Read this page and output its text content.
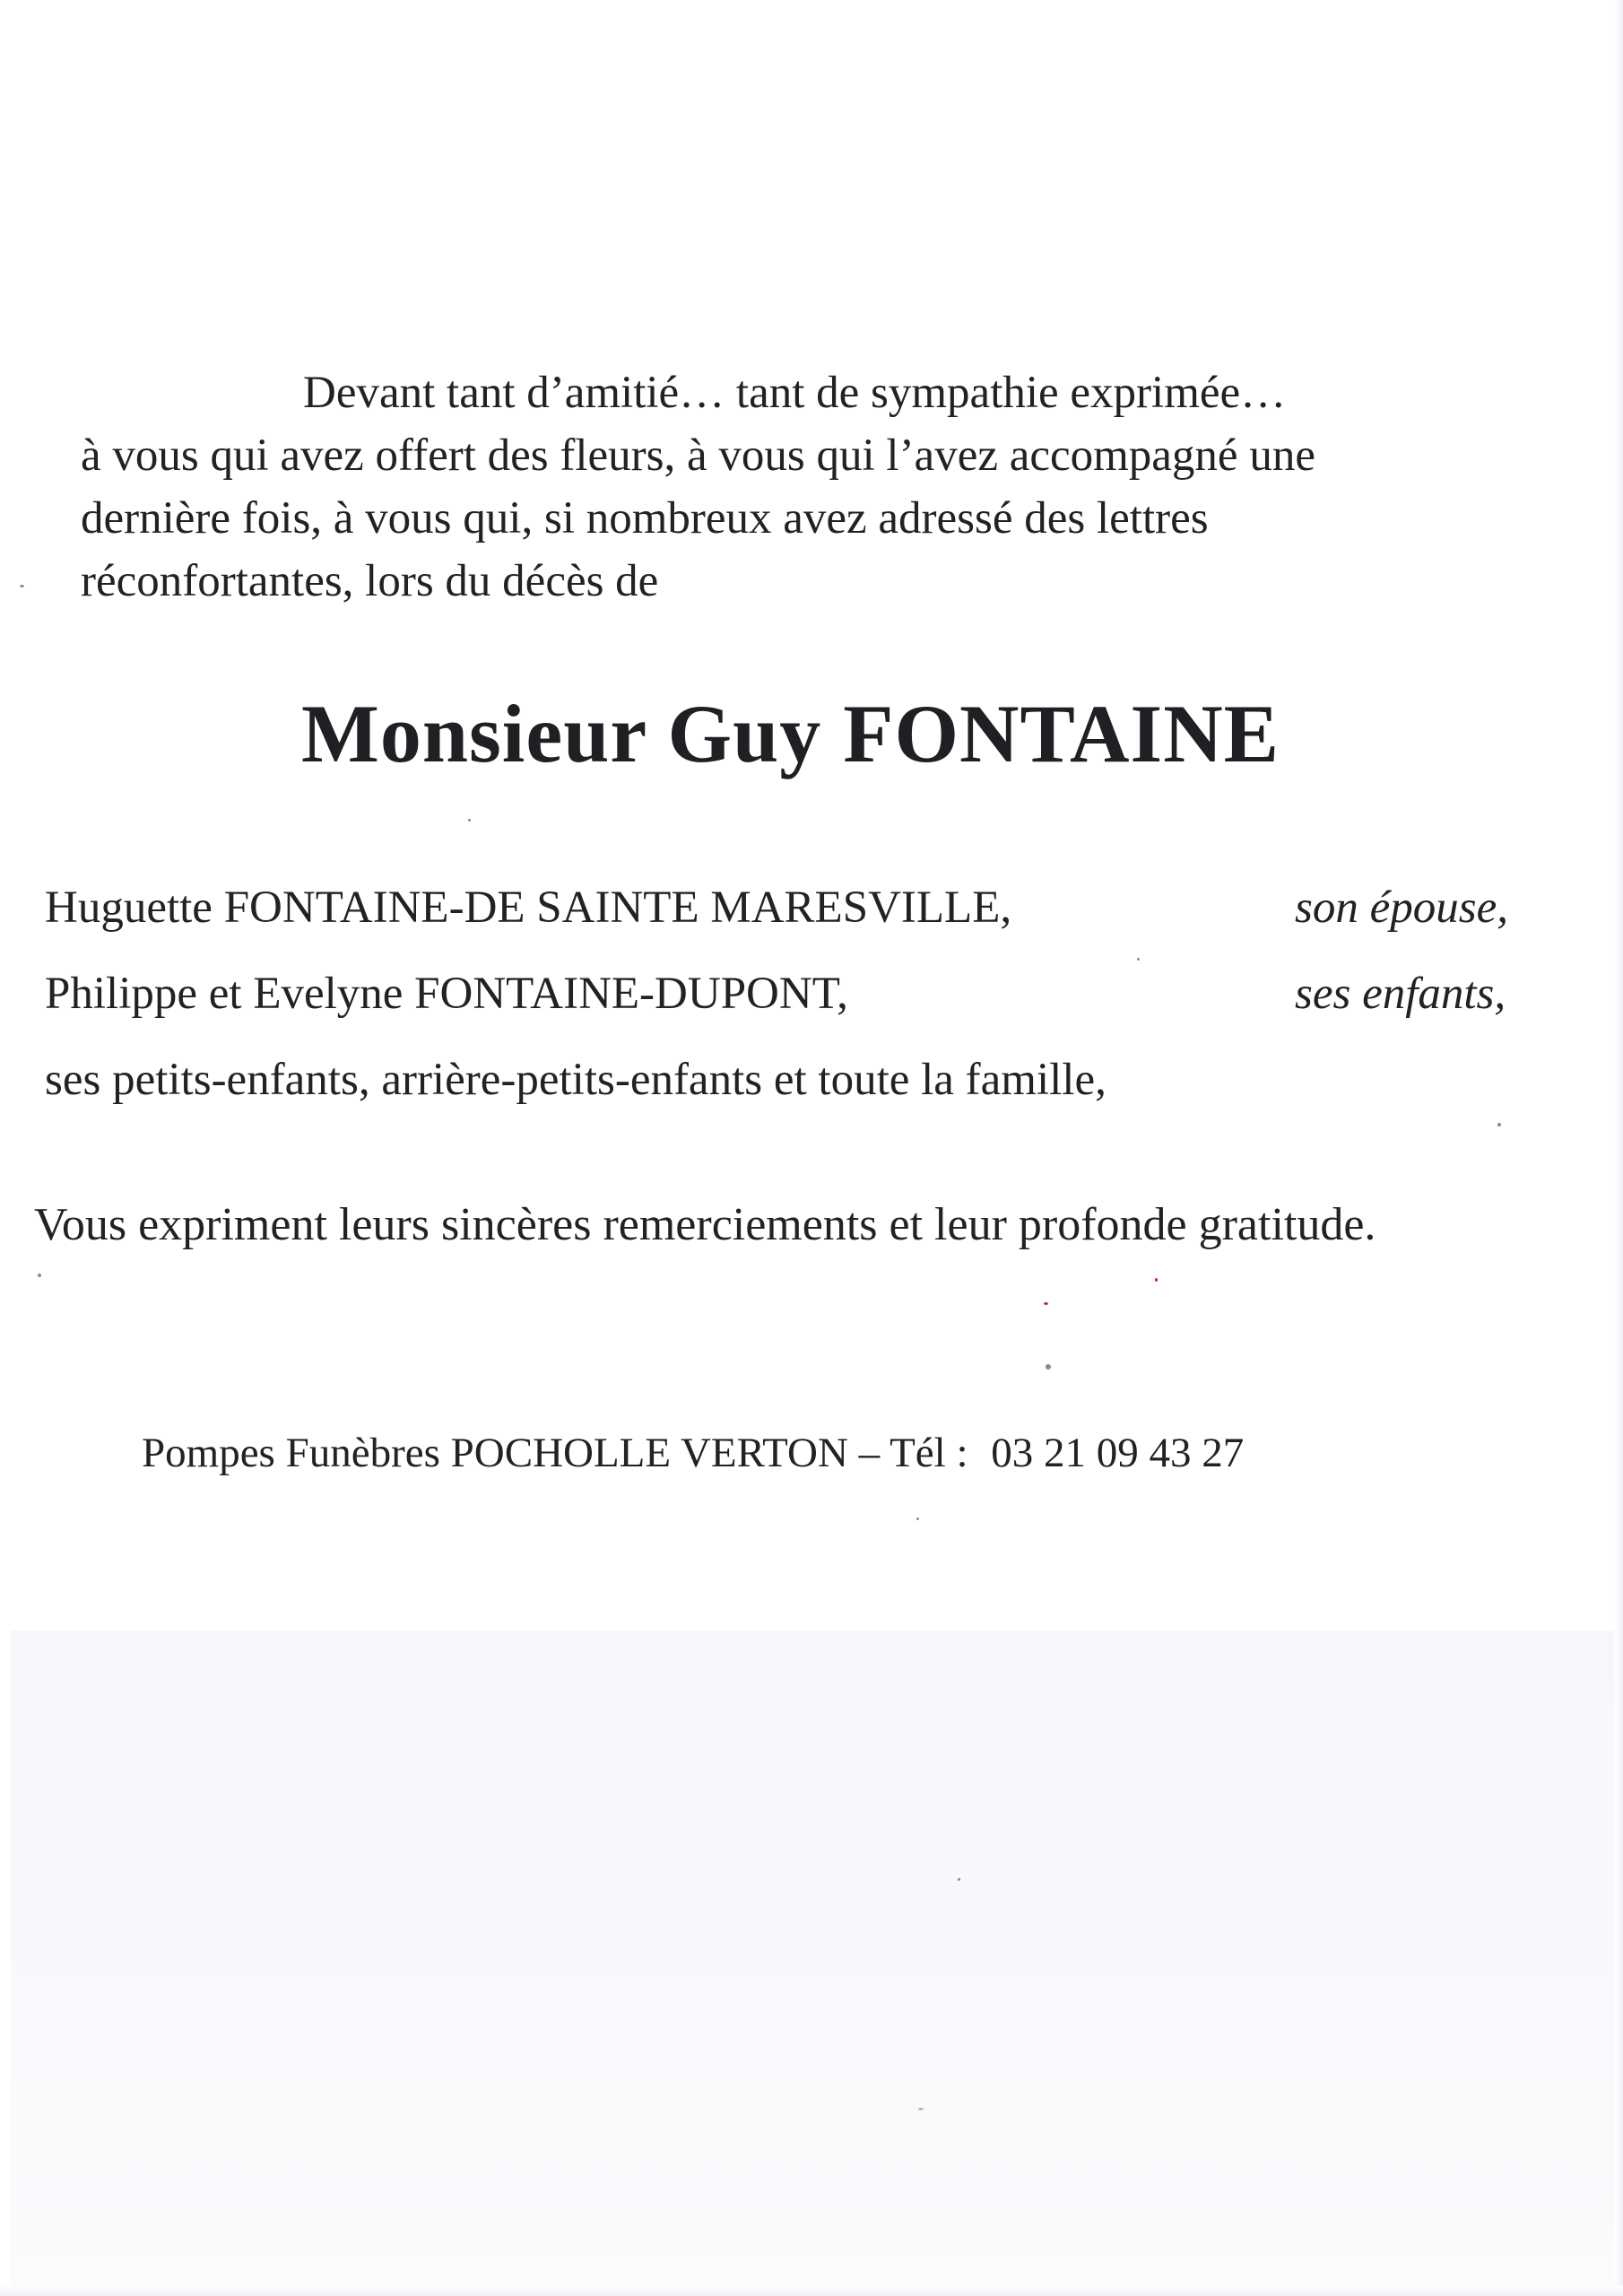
Devant tant d’amitié… tant de sympathie exprimée…
à vous qui avez offert des fleurs, à vous qui l’avez accompagné une
dernière fois, à vous qui, si nombreux avez adressé des lettres
réconfortantes, lors du décès de
Monsieur Guy FONTAINE
Huguette FONTAINE-DE SAINTE MARESVILLE,	son épouse,
Philippe et Evelyne FONTAINE-DUPONT,	ses enfants,
ses petits-enfants, arrière-petits-enfants et toute la famille,
Vous expriment leurs sincères remerciements et leur profonde gratitude.
Pompes Funèbres POCHOLLE VERTON – Tél : 03 21 09 43 27
